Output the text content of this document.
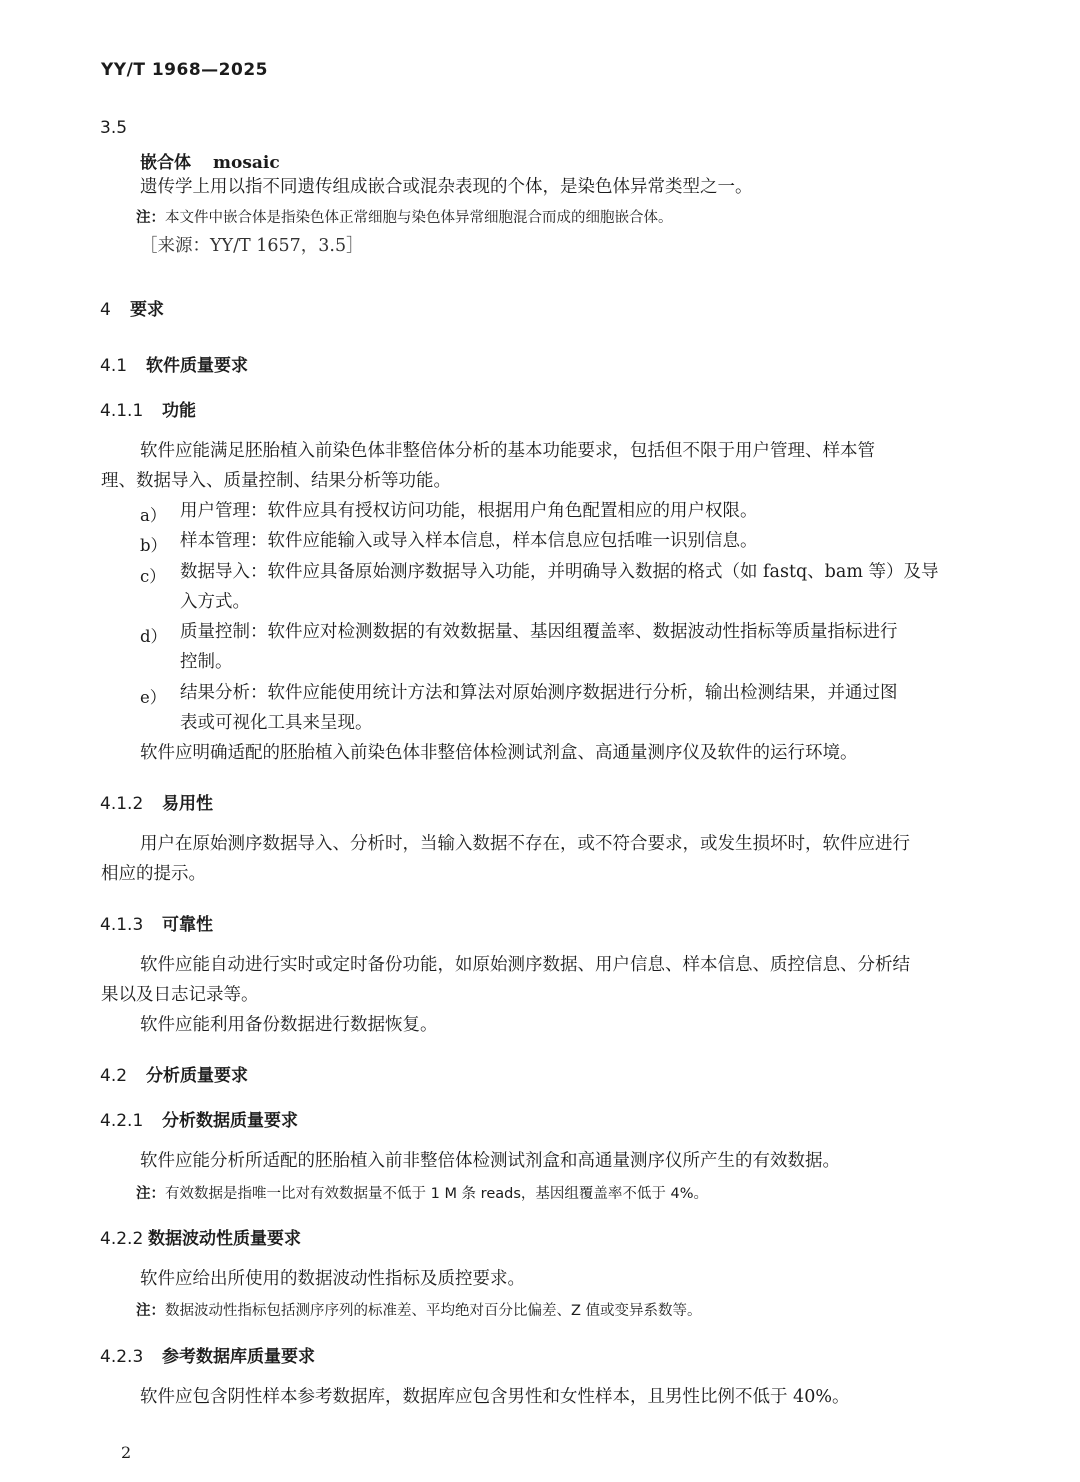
YY/T 1968—2025
3.5
嵌合体 mosaic
遗传学上用以指不同遗传组成嵌合或混杂表现的个体，是染色体异常类型之一。
注：本文件中嵌合体是指染色体正常细胞与染色体异常细胞混合而成的细胞嵌合体。
［来源：YY/T 1657，3.5］
4 要求
4.1 软件质量要求
4.1.1 功能
软件应能满足胚胎植入前染色体非整倍体分析的基本功能要求，包括但不限于用户管理、样本管
理、数据导入、质量控制、结果分析等功能。
a） 用户管理：软件应具有授权访问功能，根据用户角色配置相应的用户权限。
b） 样本管理：软件应能输入或导入样本信息，样本信息应包括唯一识别信息。
c） 数据导入：软件应具备原始测序数据导入功能，并明确导入数据的格式（如 fastq、bam 等）及导
入方式。
d） 质量控制：软件应对检测数据的有效数据量、基因组覆盖率、数据波动性指标等质量指标进行
控制。
e） 结果分析：软件应能使用统计方法和算法对原始测序数据进行分析，输出检测结果，并通过图
表或可视化工具来呈现。
软件应明确适配的胚胎植入前染色体非整倍体检测试剂盒、高通量测序仪及软件的运行环境。
4.1.2 易用性
用户在原始测序数据导入、分析时，当输入数据不存在，或不符合要求，或发生损坏时，软件应进行
相应的提示。
4.1.3 可靠性
软件应能自动进行实时或定时备份功能，如原始测序数据、用户信息、样本信息、质控信息、分析结
果以及日志记录等。
软件应能利用备份数据进行数据恢复。
4.2 分析质量要求
4.2.1 分析数据质量要求
软件应能分析所适配的胚胎植入前非整倍体检测试剂盒和高通量测序仪所产生的有效数据。
注：有效数据是指唯一比对有效数据量不低于 1 M 条 reads，基因组覆盖率不低于 4%。
4.2.2 数据波动性质量要求
软件应给出所使用的数据波动性指标及质控要求。
注：数据波动性指标包括测序序列的标准差、平均绝对百分比偏差、Z 值或变异系数等。
4.2.3 参考数据库质量要求
软件应包含阴性样本参考数据库，数据库应包含男性和女性样本，且男性比例不低于 40%。
2
